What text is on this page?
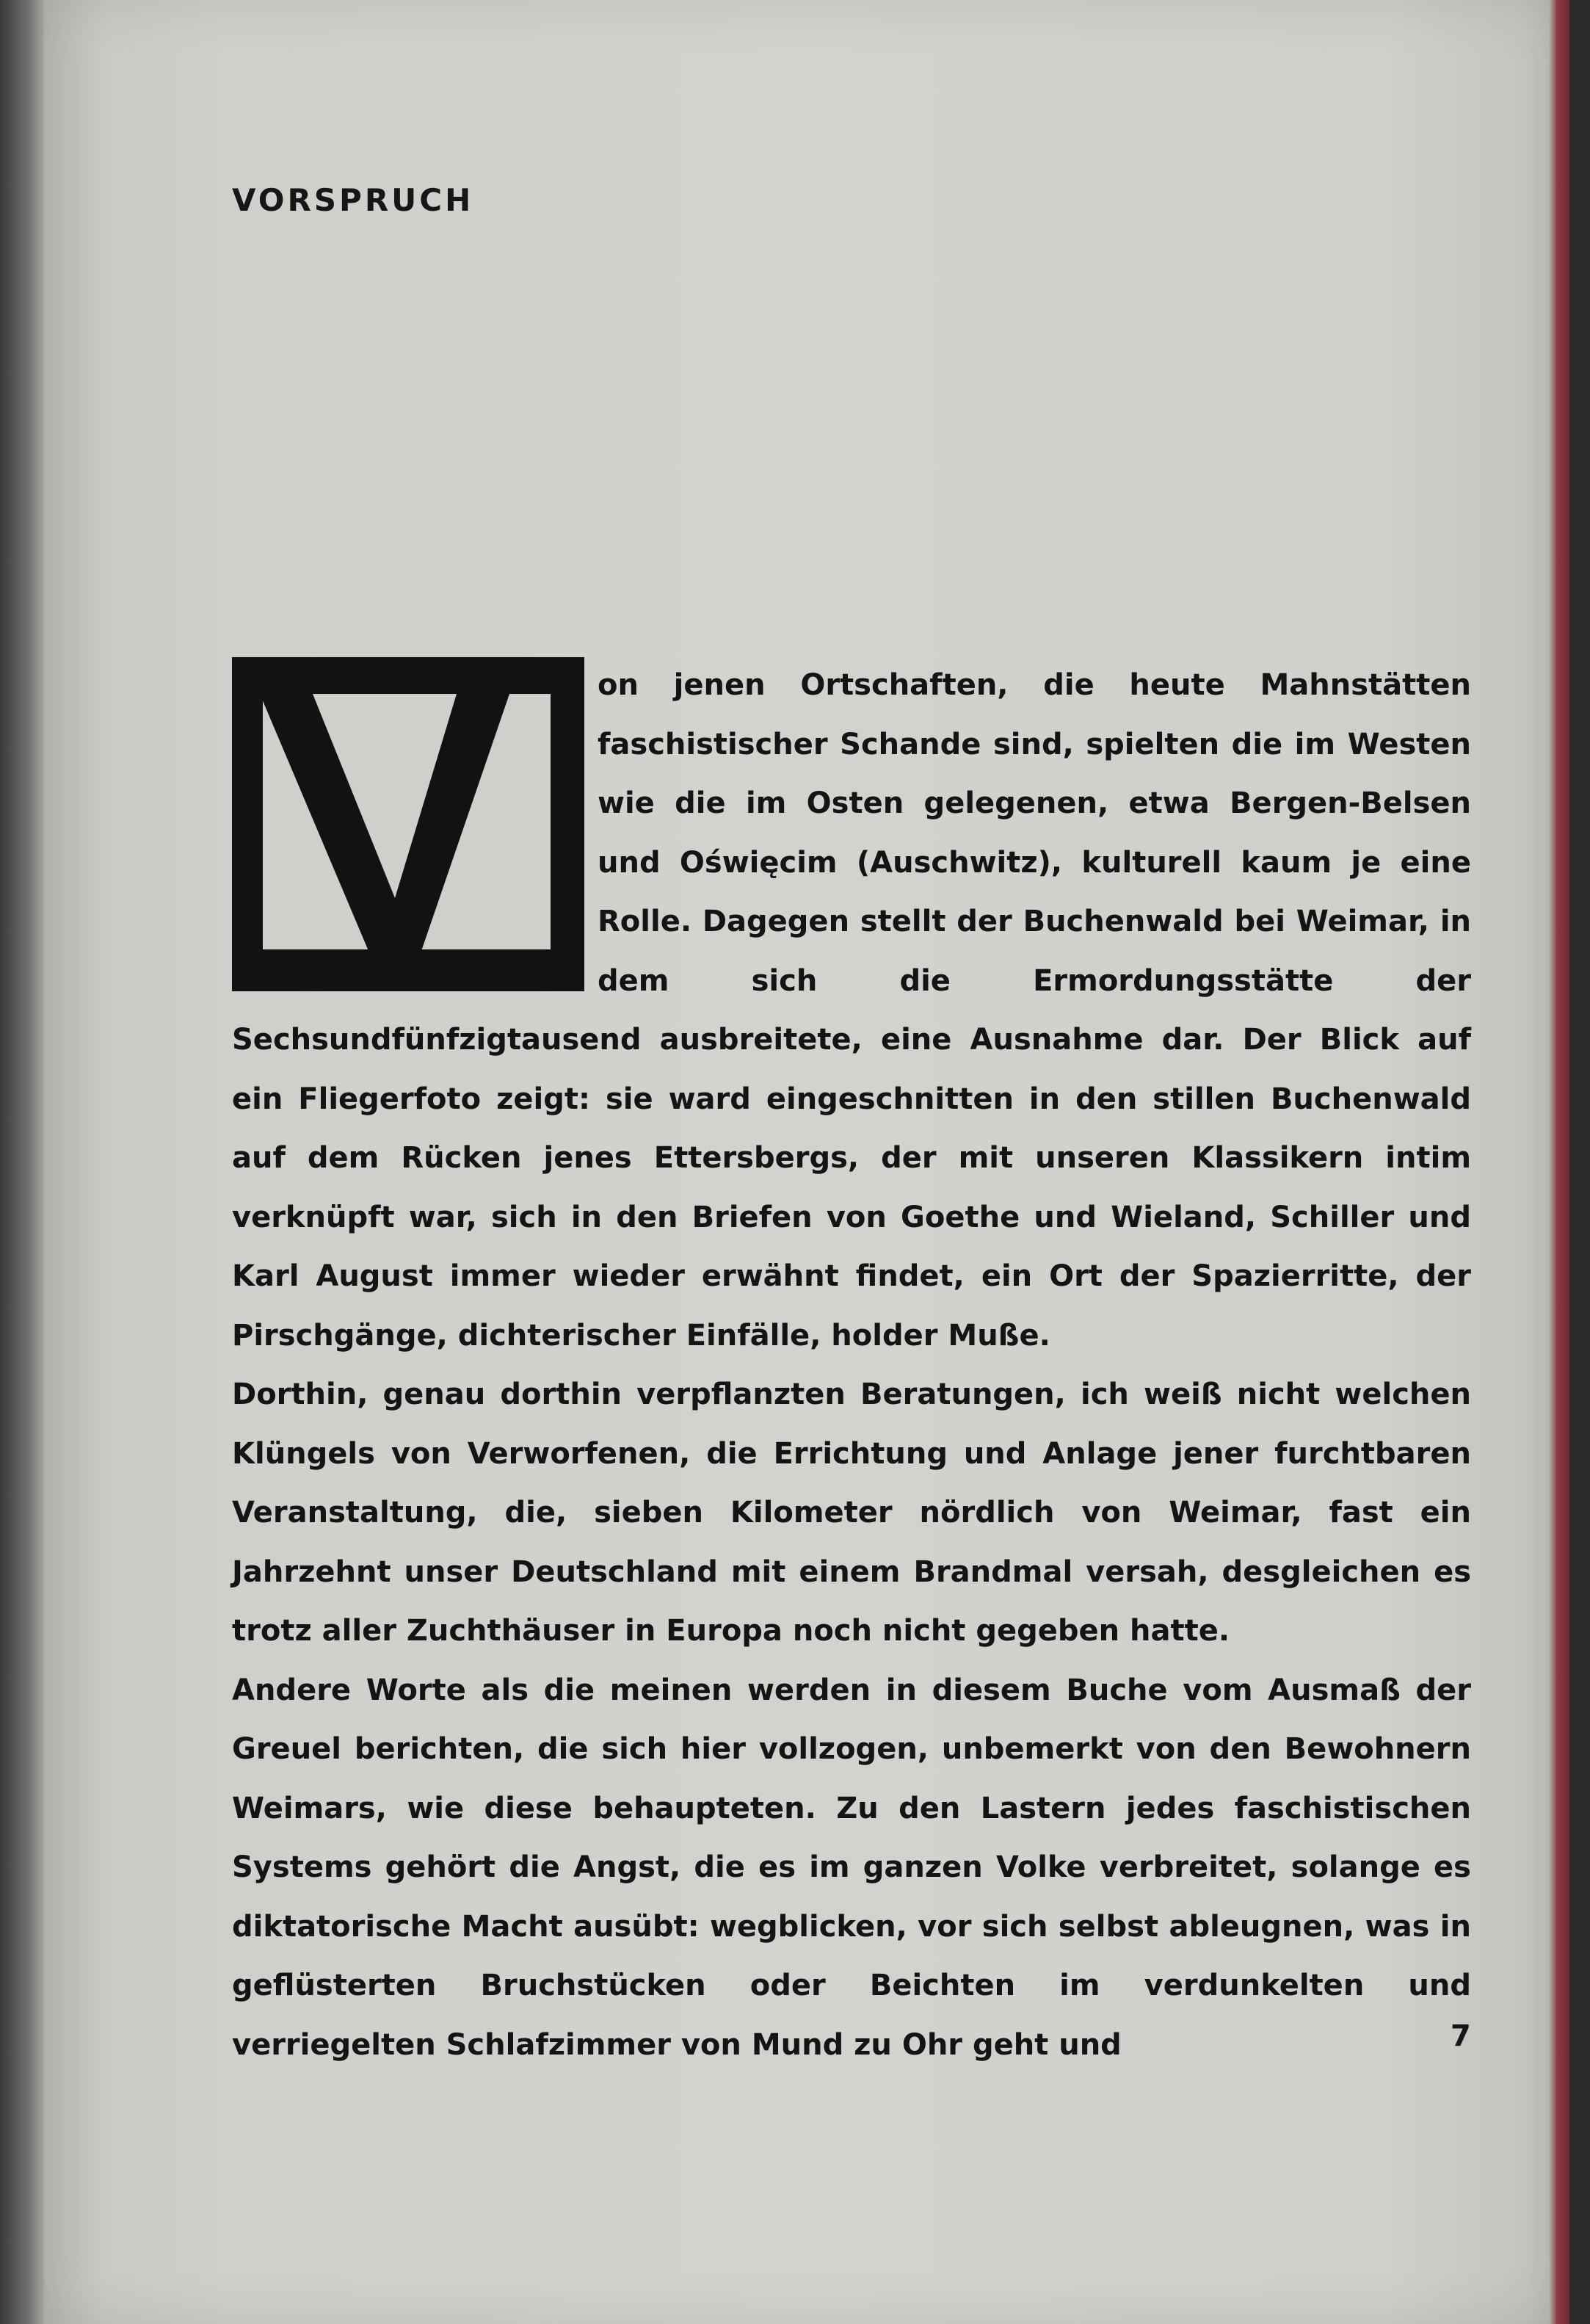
VORSPRUCH

on jenen Ortschaften, die heute Mahnstätten faschistischer Schande sind, spielten die im Westen wie die im Osten gelegenen, etwa Bergen-Belsen und Oświęcim (Auschwitz), kulturell kaum je eine Rolle. Dagegen stellt der Buchenwald bei Weimar, in dem sich die Ermordungsstätte der Sechsundfünfzigtausend ausbreitete, eine Ausnahme dar. Der Blick auf ein Fliegerfoto zeigt: sie ward eingeschnitten in den stillen Buchenwald auf dem Rücken jenes Ettersbergs, der mit unseren Klassikern intim verknüpft war, sich in den Briefen von Goethe und Wieland, Schiller und Karl August immer wieder erwähnt findet, ein Ort der Spazierritte, der Pirschgänge, dichterischer Einfälle, holder Muße.

Dorthin, genau dorthin verpflanzten Beratungen, ich weiß nicht welchen Klüngels von Verworfenen, die Errichtung und Anlage jener furchtbaren Veranstaltung, die, sieben Kilometer nördlich von Weimar, fast ein Jahrzehnt unser Deutschland mit einem Brandmal versah, desgleichen es trotz aller Zuchthäuser in Europa noch nicht gegeben hatte.

Andere Worte als die meinen werden in diesem Buche vom Ausmaß der Greuel berichten, die sich hier vollzogen, unbemerkt von den Bewohnern Weimars, wie diese behaupteten. Zu den Lastern jedes faschistischen Systems gehört die Angst, die es im ganzen Volke verbreitet, solange es diktatorische Macht ausübt: wegblicken, vor sich selbst ableugnen, was in geflüsterten Bruchstücken oder Beichten im verdunkelten und verriegelten Schlafzimmer von Mund zu Ohr geht und	7
